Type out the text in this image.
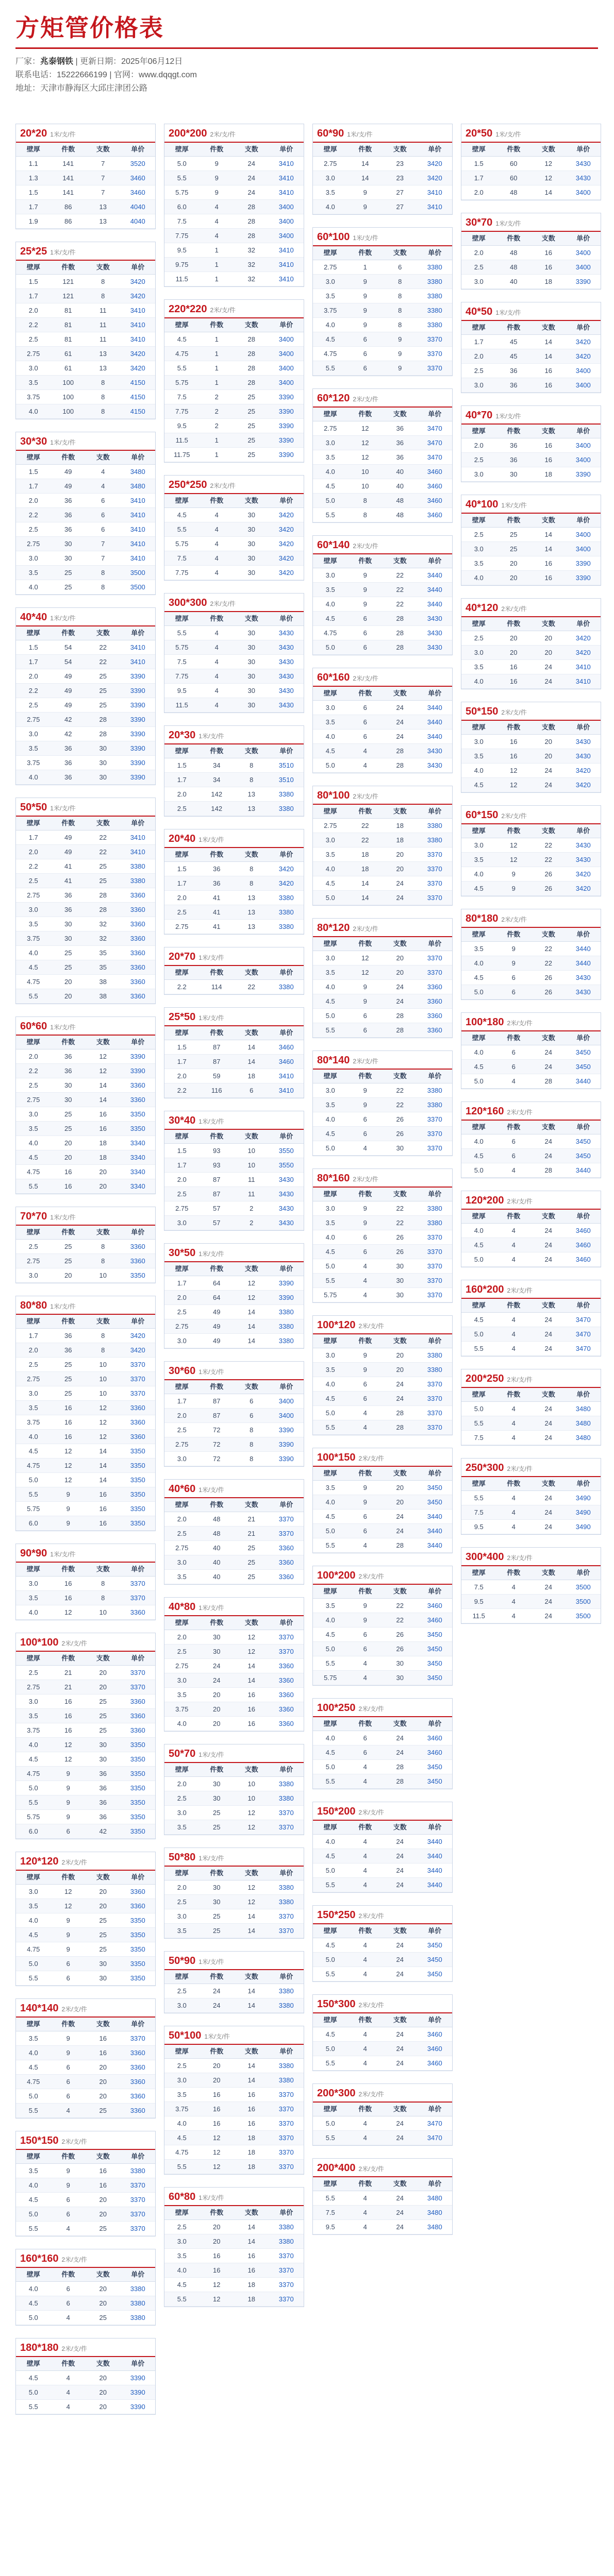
方矩管价格表
厂家：兆泰钢铁 | 更新日期：2025年06月12日
联系电话：15222666199 | 官网：www.dqqgt.com
地址：天津市静海区大邱庄津团公路
20*20 1米/支/件
壁厚	件数	支数	单价
1.1	141	7	3520
1.3	141	7	3460
1.5	141	7	3460
1.7	86	13	4040
1.9	86	13	4040
25*25 1米/支/件
壁厚	件数	支数	单价
1.5	121	8	3420
1.7	121	8	3420
2.0	81	11	3410
2.2	81	11	3410
2.5	81	11	3410
2.75	61	13	3420
3.0	61	13	3420
3.5	100	8	4150
3.75	100	8	4150
4.0	100	8	4150
30*30 1米/支/件
壁厚	件数	支数	单价
1.5	49	4	3480
1.7	49	4	3480
2.0	36	6	3410
2.2	36	6	3410
2.5	36	6	3410
2.75	30	7	3410
3.0	30	7	3410
3.5	25	8	3500
4.0	25	8	3500
40*40 1米/支/件
壁厚	件数	支数	单价
1.5	54	22	3410
1.7	54	22	3410
2.0	49	25	3390
2.2	49	25	3390
2.5	49	25	3390
2.75	42	28	3390
3.0	42	28	3390
3.5	36	30	3390
3.75	36	30	3390
4.0	36	30	3390
50*50 1米/支/件
壁厚	件数	支数	单价
1.7	49	22	3410
2.0	49	22	3410
2.2	41	25	3380
2.5	41	25	3380
2.75	36	28	3360
3.0	36	28	3360
3.5	30	32	3360
3.75	30	32	3360
4.0	25	35	3360
4.5	25	35	3360
4.75	20	38	3360
5.5	20	38	3360
60*60 1米/支/件
壁厚	件数	支数	单价
2.0	36	12	3390
2.2	36	12	3390
2.5	30	14	3360
2.75	30	14	3360
3.0	25	16	3350
3.5	25	16	3350
4.0	20	18	3340
4.5	20	18	3340
4.75	16	20	3340
5.5	16	20	3340
70*70 1米/支/件
壁厚	件数	支数	单价
2.5	25	8	3360
2.75	25	8	3360
3.0	20	10	3350
80*80 1米/支/件
壁厚	件数	支数	单价
1.7	36	8	3420
2.0	36	8	3420
2.5	25	10	3370
2.75	25	10	3370
3.0	25	10	3370
3.5	16	12	3360
3.75	16	12	3360
4.0	16	12	3360
4.5	12	14	3350
4.75	12	14	3350
5.0	12	14	3350
5.5	9	16	3350
5.75	9	16	3350
6.0	9	16	3350
90*90 1米/支/件
壁厚	件数	支数	单价
3.0	16	8	3370
3.5	16	8	3370
4.0	12	10	3360
100*100 2米/支/件
壁厚	件数	支数	单价
2.5	21	20	3370
2.75	21	20	3370
3.0	16	25	3360
3.5	16	25	3360
3.75	16	25	3360
4.0	12	30	3350
4.5	12	30	3350
4.75	9	36	3350
5.0	9	36	3350
5.5	9	36	3350
5.75	9	36	3350
6.0	6	42	3350
120*120 2米/支/件
壁厚	件数	支数	单价
3.0	12	20	3360
3.5	12	20	3360
4.0	9	25	3350
4.5	9	25	3350
4.75	9	25	3350
5.0	6	30	3350
5.5	6	30	3350
140*140 2米/支/件
壁厚	件数	支数	单价
3.5	9	16	3370
4.0	9	16	3360
4.5	6	20	3360
4.75	6	20	3360
5.0	6	20	3360
5.5	4	25	3360
150*150 2米/支/件
壁厚	件数	支数	单价
3.5	9	16	3380
4.0	9	16	3370
4.5	6	20	3370
5.0	6	20	3370
5.5	4	25	3370
160*160 2米/支/件
壁厚	件数	支数	单价
4.0	6	20	3380
4.5	6	20	3380
5.0	4	25	3380
180*180 2米/支/件
壁厚	件数	支数	单价
4.5	4	20	3390
5.0	4	20	3390
5.5	4	20	3390
200*200 2米/支/件
壁厚	件数	支数	单价
5.0	9	24	3410
5.5	9	24	3410
5.75	9	24	3410
6.0	4	28	3400
7.5	4	28	3400
7.75	4	28	3400
9.5	1	32	3410
9.75	1	32	3410
11.5	1	32	3410
220*220 2米/支/件
壁厚	件数	支数	单价
4.5	1	28	3400
4.75	1	28	3400
5.5	1	28	3400
5.75	1	28	3400
7.5	2	25	3390
7.75	2	25	3390
9.5	2	25	3390
11.5	1	25	3390
11.75	1	25	3390
250*250 2米/支/件
壁厚	件数	支数	单价
4.5	4	30	3420
5.5	4	30	3420
5.75	4	30	3420
7.5	4	30	3420
7.75	4	30	3420
300*300 2米/支/件
壁厚	件数	支数	单价
5.5	4	30	3430
5.75	4	30	3430
7.5	4	30	3430
7.75	4	30	3430
9.5	4	30	3430
11.5	4	30	3430
20*30 1米/支/件
壁厚	件数	支数	单价
1.5	34	8	3510
1.7	34	8	3510
2.0	142	13	3380
2.5	142	13	3380
20*40 1米/支/件
壁厚	件数	支数	单价
1.5	36	8	3420
1.7	36	8	3420
2.0	41	13	3380
2.5	41	13	3380
2.75	41	13	3380
20*70 1米/支/件
壁厚	件数	支数	单价
2.2	114	22	3380
25*50 1米/支/件
壁厚	件数	支数	单价
1.5	87	14	3460
1.7	87	14	3460
2.0	59	18	3410
2.2	116	6	3410
30*40 1米/支/件
壁厚	件数	支数	单价
1.5	93	10	3550
1.7	93	10	3550
2.0	87	11	3430
2.5	87	11	3430
2.75	57	2	3430
3.0	57	2	3430
30*50 1米/支/件
壁厚	件数	支数	单价
1.7	64	12	3390
2.0	64	12	3390
2.5	49	14	3380
2.75	49	14	3380
3.0	49	14	3380
30*60 1米/支/件
壁厚	件数	支数	单价
1.7	87	6	3400
2.0	87	6	3400
2.5	72	8	3390
2.75	72	8	3390
3.0	72	8	3390
40*60 1米/支/件
壁厚	件数	支数	单价
2.0	48	21	3370
2.5	48	21	3370
2.75	40	25	3360
3.0	40	25	3360
3.5	40	25	3360
40*80 1米/支/件
壁厚	件数	支数	单价
2.0	30	12	3370
2.5	30	12	3370
2.75	24	14	3360
3.0	24	14	3360
3.5	20	16	3360
3.75	20	16	3360
4.0	20	16	3360
50*70 1米/支/件
壁厚	件数	支数	单价
2.0	30	10	3380
2.5	30	10	3380
3.0	25	12	3370
3.5	25	12	3370
50*80 1米/支/件
壁厚	件数	支数	单价
2.0	30	12	3380
2.5	30	12	3380
3.0	25	14	3370
3.5	25	14	3370
50*90 1米/支/件
壁厚	件数	支数	单价
2.5	24	14	3380
3.0	24	14	3380
50*100 1米/支/件
壁厚	件数	支数	单价
2.5	20	14	3380
3.0	20	14	3380
3.5	16	16	3370
3.75	16	16	3370
4.0	16	16	3370
4.5	12	18	3370
4.75	12	18	3370
5.5	12	18	3370
60*80 1米/支/件
壁厚	件数	支数	单价
2.5	20	14	3380
3.0	20	14	3380
3.5	16	16	3370
4.0	16	16	3370
4.5	12	18	3370
5.5	12	18	3370
60*90 1米/支/件
壁厚	件数	支数	单价
2.75	14	23	3420
3.0	14	23	3420
3.5	9	27	3410
4.0	9	27	3410
60*100 1米/支/件
壁厚	件数	支数	单价
2.75	1	6	3380
3.0	9	8	3380
3.5	9	8	3380
3.75	9	8	3380
4.0	9	8	3380
4.5	6	9	3370
4.75	6	9	3370
5.5	6	9	3370
60*120 2米/支/件
壁厚	件数	支数	单价
2.75	12	36	3470
3.0	12	36	3470
3.5	12	36	3470
4.0	10	40	3460
4.5	10	40	3460
5.0	8	48	3460
5.5	8	48	3460
60*140 2米/支/件
壁厚	件数	支数	单价
3.0	9	22	3440
3.5	9	22	3440
4.0	9	22	3440
4.5	6	28	3430
4.75	6	28	3430
5.0	6	28	3430
60*160 2米/支/件
壁厚	件数	支数	单价
3.0	6	24	3440
3.5	6	24	3440
4.0	6	24	3440
4.5	4	28	3430
5.0	4	28	3430
80*100 2米/支/件
壁厚	件数	支数	单价
2.75	22	18	3380
3.0	22	18	3380
3.5	18	20	3370
4.0	18	20	3370
4.5	14	24	3370
5.0	14	24	3370
80*120 2米/支/件
壁厚	件数	支数	单价
3.0	12	20	3370
3.5	12	20	3370
4.0	9	24	3360
4.5	9	24	3360
5.0	6	28	3360
5.5	6	28	3360
80*140 2米/支/件
壁厚	件数	支数	单价
3.0	9	22	3380
3.5	9	22	3380
4.0	6	26	3370
4.5	6	26	3370
5.0	4	30	3370
80*160 2米/支/件
壁厚	件数	支数	单价
3.0	9	22	3380
3.5	9	22	3380
4.0	6	26	3370
4.5	6	26	3370
5.0	4	30	3370
5.5	4	30	3370
5.75	4	30	3370
100*120 2米/支/件
壁厚	件数	支数	单价
3.0	9	20	3380
3.5	9	20	3380
4.0	6	24	3370
4.5	6	24	3370
5.0	4	28	3370
5.5	4	28	3370
100*150 2米/支/件
壁厚	件数	支数	单价
3.5	9	20	3450
4.0	9	20	3450
4.5	6	24	3440
5.0	6	24	3440
5.5	4	28	3440
100*200 2米/支/件
壁厚	件数	支数	单价
3.5	9	22	3460
4.0	9	22	3460
4.5	6	26	3450
5.0	6	26	3450
5.5	4	30	3450
5.75	4	30	3450
100*250 2米/支/件
壁厚	件数	支数	单价
4.0	6	24	3460
4.5	6	24	3460
5.0	4	28	3450
5.5	4	28	3450
150*200 2米/支/件
壁厚	件数	支数	单价
4.0	4	24	3440
4.5	4	24	3440
5.0	4	24	3440
5.5	4	24	3440
150*250 2米/支/件
壁厚	件数	支数	单价
4.5	4	24	3450
5.0	4	24	3450
5.5	4	24	3450
150*300 2米/支/件
壁厚	件数	支数	单价
4.5	4	24	3460
5.0	4	24	3460
5.5	4	24	3460
200*300 2米/支/件
壁厚	件数	支数	单价
5.0	4	24	3470
5.5	4	24	3470
200*400 2米/支/件
壁厚	件数	支数	单价
5.5	4	24	3480
7.5	4	24	3480
9.5	4	24	3480
20*50 1米/支/件
壁厚	件数	支数	单价
1.5	60	12	3430
1.7	60	12	3430
2.0	48	14	3400
30*70 1米/支/件
壁厚	件数	支数	单价
2.0	48	16	3400
2.5	48	16	3400
3.0	40	18	3390
40*50 1米/支/件
壁厚	件数	支数	单价
1.7	45	14	3420
2.0	45	14	3420
2.5	36	16	3400
3.0	36	16	3400
40*70 1米/支/件
壁厚	件数	支数	单价
2.0	36	16	3400
2.5	36	16	3400
3.0	30	18	3390
40*100 1米/支/件
壁厚	件数	支数	单价
2.5	25	14	3400
3.0	25	14	3400
3.5	20	16	3390
4.0	20	16	3390
40*120 2米/支/件
壁厚	件数	支数	单价
2.5	20	20	3420
3.0	20	20	3420
3.5	16	24	3410
4.0	16	24	3410
50*150 2米/支/件
壁厚	件数	支数	单价
3.0	16	20	3430
3.5	16	20	3430
4.0	12	24	3420
4.5	12	24	3420
60*150 2米/支/件
壁厚	件数	支数	单价
3.0	12	22	3430
3.5	12	22	3430
4.0	9	26	3420
4.5	9	26	3420
80*180 2米/支/件
壁厚	件数	支数	单价
3.5	9	22	3440
4.0	9	22	3440
4.5	6	26	3430
5.0	6	26	3430
100*180 2米/支/件
壁厚	件数	支数	单价
4.0	6	24	3450
4.5	6	24	3450
5.0	4	28	3440
120*160 2米/支/件
壁厚	件数	支数	单价
4.0	6	24	3450
4.5	6	24	3450
5.0	4	28	3440
120*200 2米/支/件
壁厚	件数	支数	单价
4.0	4	24	3460
4.5	4	24	3460
5.0	4	24	3460
160*200 2米/支/件
壁厚	件数	支数	单价
4.5	4	24	3470
5.0	4	24	3470
5.5	4	24	3470
200*250 2米/支/件
壁厚	件数	支数	单价
5.0	4	24	3480
5.5	4	24	3480
7.5	4	24	3480
250*300 2米/支/件
壁厚	件数	支数	单价
5.5	4	24	3490
7.5	4	24	3490
9.5	4	24	3490
300*400 2米/支/件
壁厚	件数	支数	单价
7.5	4	24	3500
9.5	4	24	3500
11.5	4	24	3500
